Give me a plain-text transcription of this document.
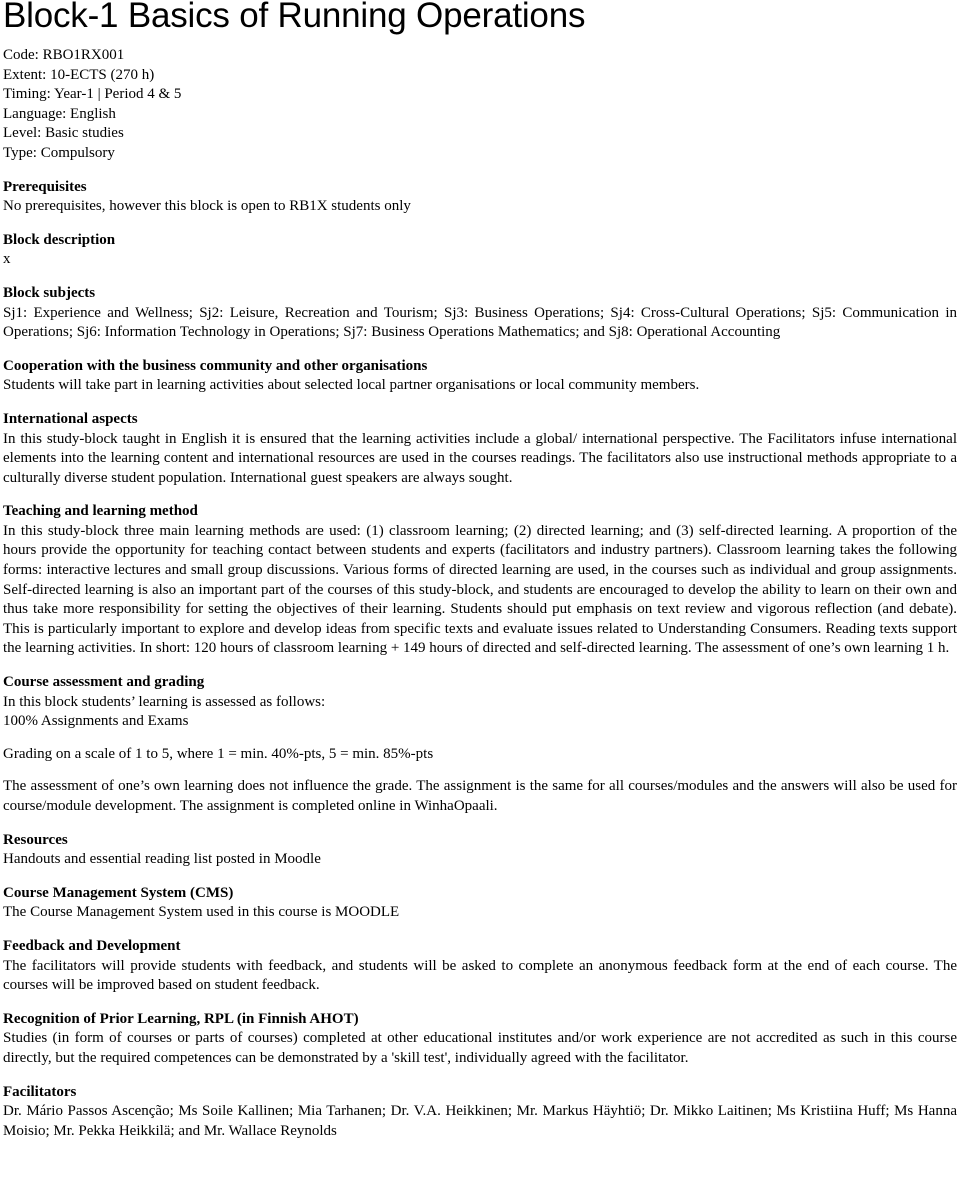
Block-1 Basics of Running Operations

Code: RBO1RX001

Extent: 10-ECTS (270 h)

Timing: Year-1 | Period 4 & 5

Language: English

Level: Basic studies

Type: Compulsory

Prerequisites

No prerequisites, however this block is open to RB1X students only

Block description

x

Block subjects

Sj1: Experience and Wellness; Sj2: Leisure, Recreation and Tourism; Sj3: Business Operations; Sj4: Cross-Cultural Operations; Sj5: Communication in Operations; Sj6: Information Technology in Operations; Sj7: Business Operations Mathematics; and Sj8: Operational Accounting

Cooperation with the business community and other organisations

Students will take part in learning activities about selected local partner organisations or local community members.

International aspects

In this study-block taught in English it is ensured that the learning activities include a global/ international perspective. The Facilitators infuse international elements into the learning content and international resources are used in the courses readings. The facilitators also use instructional methods appropriate to a culturally diverse student population. International guest speakers are always sought.

Teaching and learning method

In this study-block three main learning methods are used: (1) classroom learning; (2) directed learning; and (3) self-directed learning. A proportion of the hours provide the opportunity for teaching contact between students and experts (facilitators and industry partners). Classroom learning takes the following forms: interactive lectures and small group discussions. Various forms of directed learning are used, in the courses such as individual and group assignments. Self-directed learning is also an important part of the courses of this study-block, and students are encouraged to develop the ability to learn on their own and thus take more responsibility for setting the objectives of their learning. Students should put emphasis on text review and vigorous reflection (and debate). This is particularly important to explore and develop ideas from specific texts and evaluate issues related to Understanding Consumers. Reading texts support the learning activities. In short: 120 hours of classroom learning + 149 hours of directed and self-directed learning. The assessment of one’s own learning 1 h.

Course assessment and grading

In this block students’ learning is assessed as follows:

100% Assignments and Exams

Grading on a scale of 1 to 5, where 1 = min. 40%-pts, 5 = min. 85%-pts

The assessment of one’s own learning does not influence the grade. The assignment is the same for all courses/modules and the answers will also be used for course/module development. The assignment is completed online in WinhaOpaali.

Resources

Handouts and essential reading list posted in Moodle

Course Management System (CMS)

The Course Management System used in this course is MOODLE

Feedback and Development

The facilitators will provide students with feedback, and students will be asked to complete an anonymous feedback form at the end of each course. The courses will be improved based on student feedback.

Recognition of Prior Learning, RPL (in Finnish AHOT)

Studies (in form of courses or parts of courses) completed at other educational institutes and/or work experience are not accredited as such in this course directly, but the required competences can be demonstrated by a 'skill test', individually agreed with the facilitator.

Facilitators

Dr. Mário Passos Ascenção; Ms Soile Kallinen; Mia Tarhanen; Dr. V.A. Heikkinen; Mr. Markus Häyhtiö; Dr. Mikko Laitinen; Ms Kristiina Huff; Ms Hanna Moisio; Mr. Pekka Heikkilä; and Mr. Wallace Reynolds
